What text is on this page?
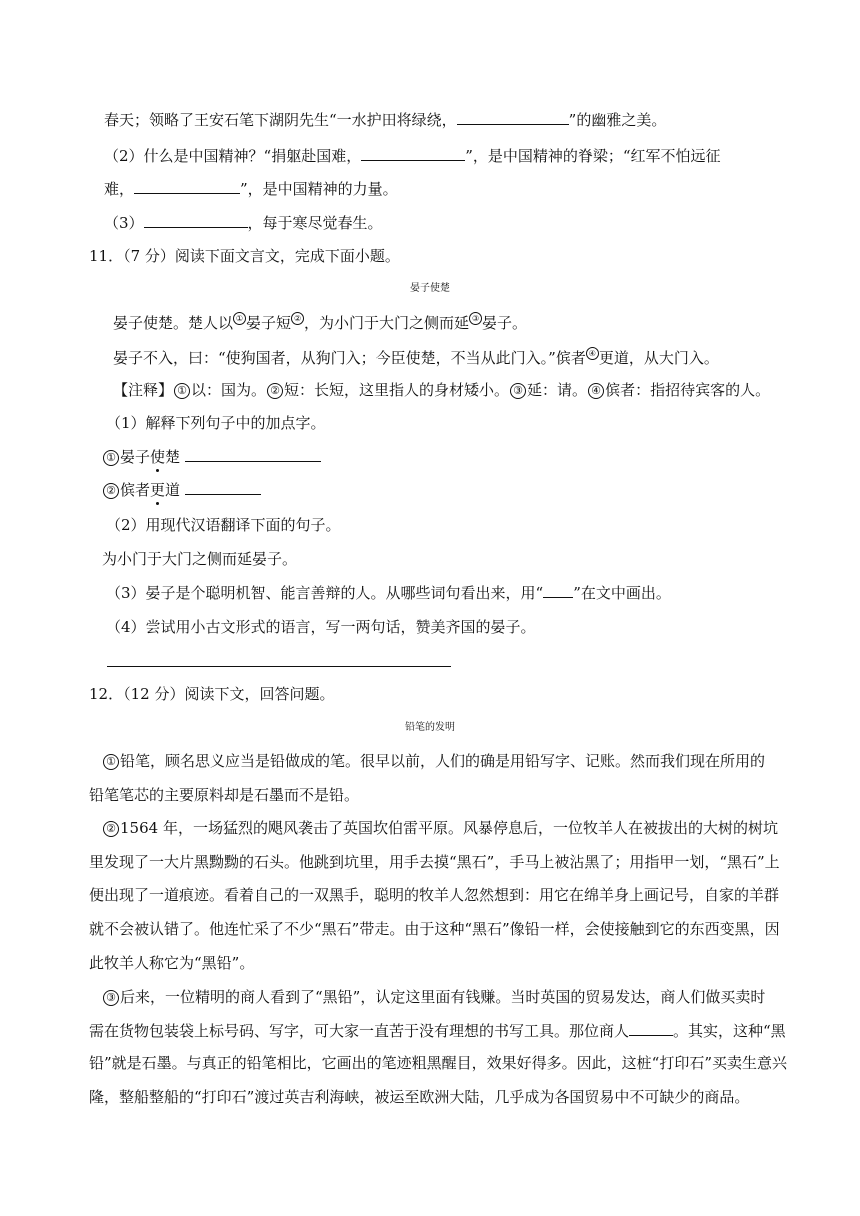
春天；领略了王安石笔下湖阴先生“一水护田将绿绕，	”的幽雅之美。
（2）什么是中国精神？“捐躯赴国难，	”，是中国精神的脊梁；“红军不怕远征
难，	”，是中国精神的力量。
（3）	，每于寒尽觉春生。
11．（7 分）阅读下面文言文，完成下面小题。
晏子使楚
晏子使楚。楚人以 ① 晏子短 ② ，为小门于大门之侧而延 ③ 晏子。
晏子不入，曰：“使狗国者，从狗门入；今臣使楚，不当从此门入。”傧者 ④ 更道，从大门入。
【注释】 ① 以：国为。 ② 短：长短，这里指人的身材矮小。 ③ 延：请。 ④ 傧者：指招待宾客的人。
（1）解释下列句子中的加点字。
① 晏子使楚
② 傧者更道
（2）用现代汉语翻译下面的句子。
为小门于大门之侧而延晏子。
（3）晏子是个聪明机智、能言善辩的人。从哪些词句看出来，用“ ”在文中画出。
（4）尝试用小古文形式的语言，写一两句话，赞美齐国的晏子。
12．（12 分）阅读下文，回答问题。
铅笔的发明
① 铅笔，顾名思义应当是铅做成的笔。很早以前，人们的确是用铅写字、记账。然而我们现在所用的
铅笔笔芯的主要原料却是石墨而不是铅。
② 1564 年，一场猛烈的飓风袭击了英国坎伯雷平原。风暴停息后，一位牧羊人在被拔出的大树的树坑
里发现了一大片黑黝黝的石头。他跳到坑里，用手去摸“黑石”，手马上被沾黑了；用指甲一划，“黑石”上
便出现了一道痕迹。看着自己的一双黑手，聪明的牧羊人忽然想到：用它在绵羊身上画记号，自家的羊群
就不会被认错了。他连忙采了不少“黑石”带走。由于这种“黑石”像铅一样，会使接触到它的东西变黑，因
此牧羊人称它为“黑铅”。
③ 后来，一位精明的商人看到了“黑铅”，认定这里面有钱赚。当时英国的贸易发达，商人们做买卖时
需在货物包装袋上标号码、写字，可大家一直苦于没有理想的书写工具。那位商人	。其实，这种“黑
铅”就是石墨。与真正的铅笔相比，它画出的笔迹粗黑醒目，效果好得多。因此，这桩“打印石”买卖生意兴
隆，整船整船的“打印石”渡过英吉利海峡，被运至欧洲大陆，几乎成为各国贸易中不可缺少的商品。
